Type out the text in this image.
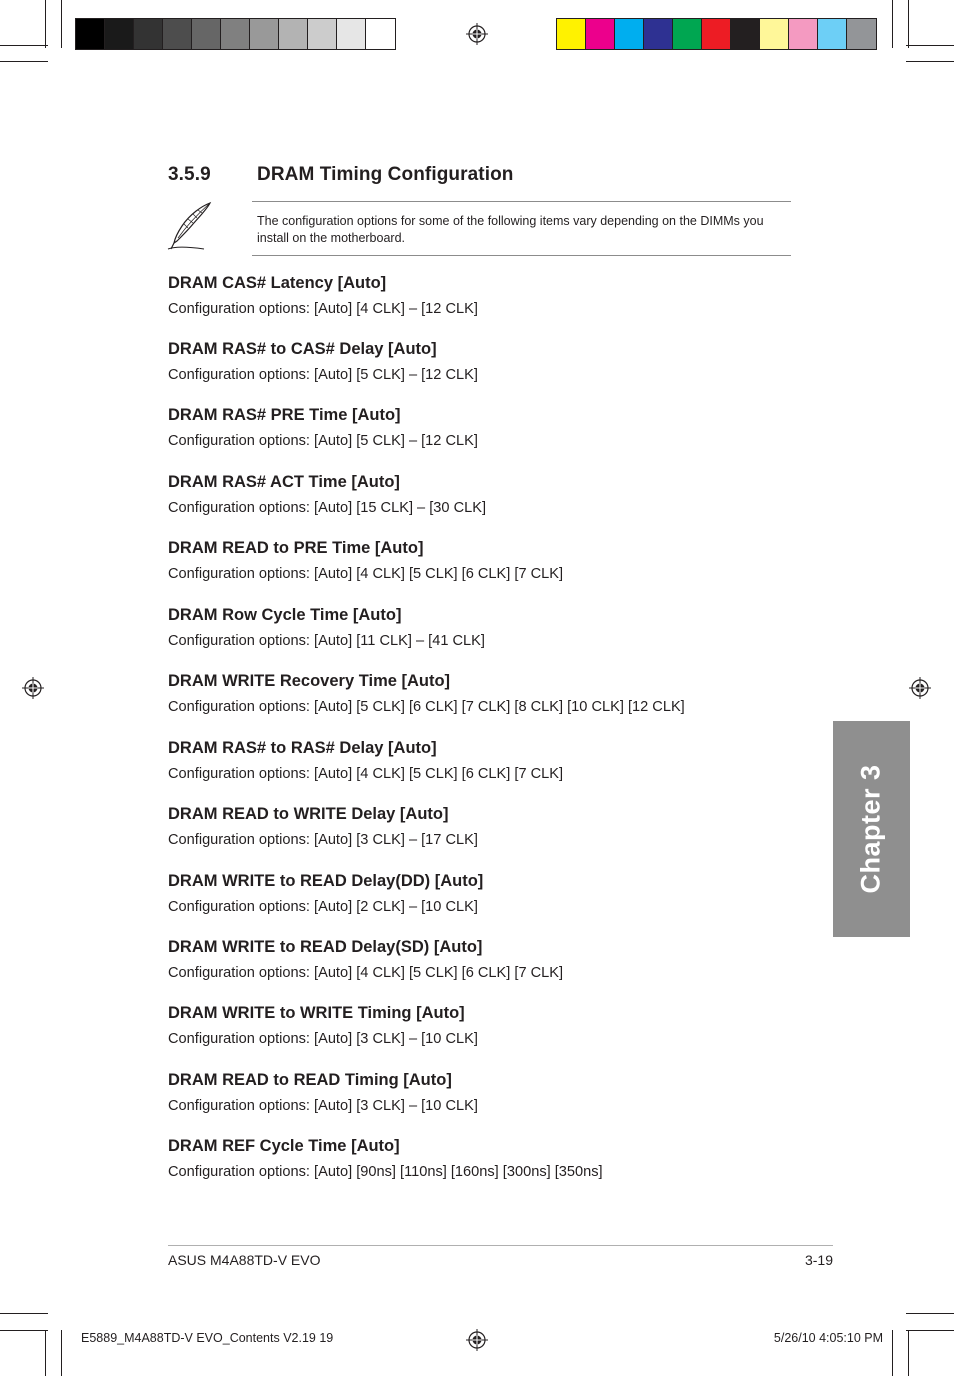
3.5.9 DRAM Timing Configuration
The configuration options for some of the following items vary depending on the DIMMs you install on the motherboard.
DRAM CAS# Latency [Auto]
Configuration options: [Auto] [4 CLK] – [12 CLK]
DRAM RAS# to CAS# Delay [Auto]
Configuration options: [Auto] [5 CLK] – [12 CLK]
DRAM RAS# PRE Time [Auto]
Configuration options: [Auto] [5 CLK] – [12 CLK]
DRAM RAS# ACT Time [Auto]
Configuration options: [Auto] [15 CLK] – [30 CLK]
DRAM READ to PRE Time [Auto]
Configuration options: [Auto] [4 CLK] [5 CLK] [6 CLK] [7 CLK]
DRAM Row Cycle Time [Auto]
Configuration options: [Auto] [11 CLK] – [41 CLK]
DRAM WRITE Recovery Time [Auto]
Configuration options: [Auto] [5 CLK] [6 CLK] [7 CLK] [8 CLK] [10 CLK] [12 CLK]
DRAM RAS# to RAS# Delay [Auto]
Configuration options: [Auto] [4 CLK] [5 CLK] [6 CLK] [7 CLK]
DRAM READ to WRITE Delay [Auto]
Configuration options: [Auto] [3 CLK] – [17 CLK]
DRAM WRITE to READ Delay(DD) [Auto]
Configuration options: [Auto] [2 CLK] – [10 CLK]
DRAM WRITE to READ Delay(SD) [Auto]
Configuration options: [Auto] [4 CLK] [5 CLK] [6 CLK] [7 CLK]
DRAM WRITE to WRITE Timing [Auto]
Configuration options: [Auto] [3 CLK] – [10 CLK]
DRAM READ to READ Timing [Auto]
Configuration options: [Auto] [3 CLK] – [10 CLK]
DRAM REF Cycle Time [Auto]
Configuration options: [Auto] [90ns] [110ns] [160ns] [300ns] [350ns]
Chapter 3
ASUS M4A88TD-V EVO	3-19
E5889_M4A88TD-V EVO_Contents V2.19 19	5/26/10 4:05:10 PM
